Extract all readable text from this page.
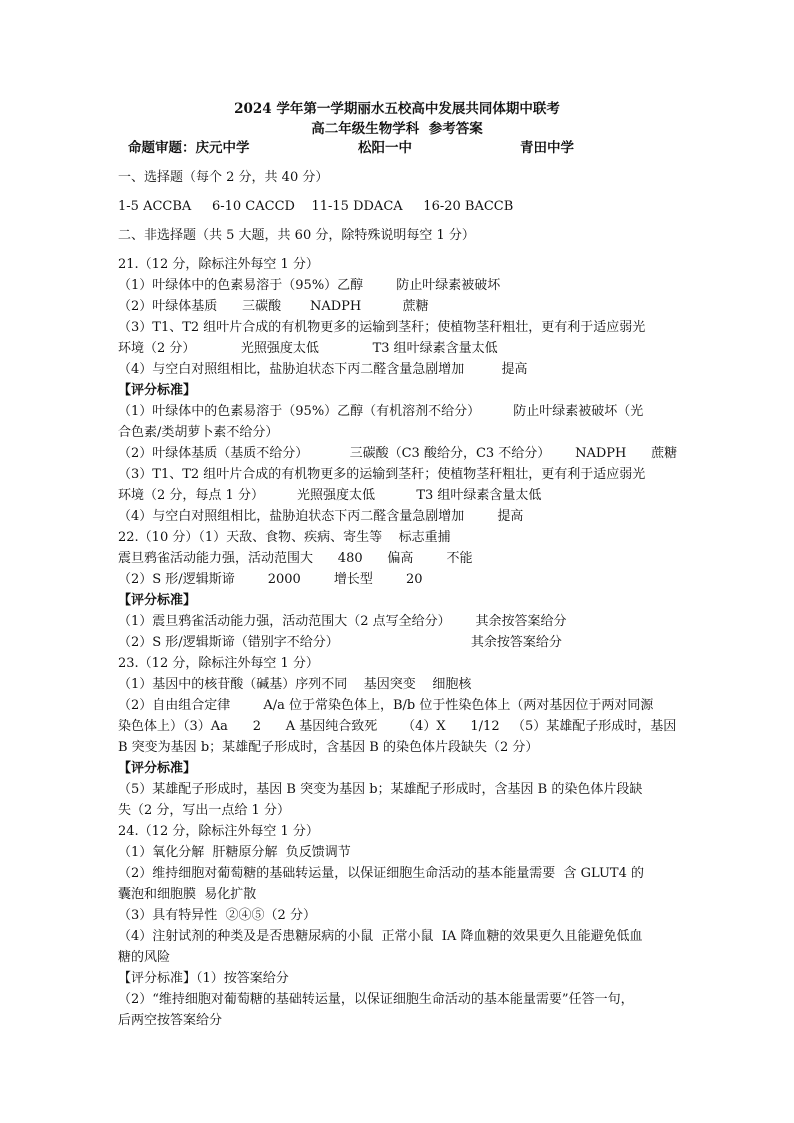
2024 学年第一学期丽水五校高中发展共同体期中联考
高二年级生物学科  参考答案
命题审题：庆元中学	松阳一中	青田中学
一、选择题（每个 2 分，共 40 分）
1-5 ACCBA     6-10 CACCD    11-15 DDACA     16-20 BACCB
二、非选择题（共 5 大题，共 60 分，除特殊说明每空 1 分）
21.（12 分，除标注外每空 1 分）
（1）叶绿体中的色素易溶于（95%）乙醇        防止叶绿素被破坏
（2）叶绿体基质      三碳酸       NADPH          蔗糖
（3）T1、T2 组叶片合成的有机物更多的运输到茎秆；使植物茎秆粗壮，更有利于适应弱光
环境（2 分）           光照强度太低             T3 组叶绿素含量太低
（4）与空白对照组相比，盐胁迫状态下丙二醛含量急剧增加         提高
【评分标准】
（1）叶绿体中的色素易溶于（95%）乙醇（有机溶剂不给分）        防止叶绿素被破坏（光
合色素/类胡萝卜素不给分）
（2）叶绿体基质（基质不给分）          三碳酸（C3 酸给分，C3 不给分）      NADPH      蔗糖
（3）T1、T2 组叶片合成的有机物更多的运输到茎秆；使植物茎秆粗壮，更有利于适应弱光
环境（2 分，每点 1 分）        光照强度太低          T3 组叶绿素含量太低
（4）与空白对照组相比，盐胁迫状态下丙二醛含量急剧增加        提高
22.（10 分）（1）天敌、食物、疾病、寄生等    标志重捕
震旦鸦雀活动能力强，活动范围大      480      偏高        不能
（2）S 形/逻辑斯谛        2000        增长型        20
【评分标准】
（1）震旦鸦雀活动能力强，活动范围大（2 点写全给分）      其余按答案给分
（2）S 形/逻辑斯谛（错别字不给分）                                其余按答案给分
23.（12 分，除标注外每空 1 分）
（1）基因中的核苷酸（碱基）序列不同    基因突变    细胞核
（2）自由组合定律        A/a 位于常染色体上，B/b 位于性染色体上（两对基因位于两对同源
染色体上）（3）Aa      2      A 基因纯合致死      （4）X      1/12   （5）某雄配子形成时，基因
B 突变为基因 b；某雄配子形成时，含基因 B 的染色体片段缺失（2 分）
【评分标准】
（5）某雄配子形成时，基因 B 突变为基因 b；某雄配子形成时，含基因 B 的染色体片段缺
失（2 分，写出一点给 1 分）
24.（12 分，除标注外每空 1 分）
（1）氧化分解  肝糖原分解  负反馈调节
（2）维持细胞对葡萄糖的基础转运量，以保证细胞生命活动的基本能量需要  含 GLUT4 的
囊泡和细胞膜  易化扩散
（3）具有特异性  ②④⑤（2 分）
（4）注射试剂的种类及是否患糖尿病的小鼠  正常小鼠  IA 降血糖的效果更久且能避免低血
糖的风险
【评分标准】（1）按答案给分
（2）“维持细胞对葡萄糖的基础转运量，以保证细胞生命活动的基本能量需要”任答一句，
后两空按答案给分
